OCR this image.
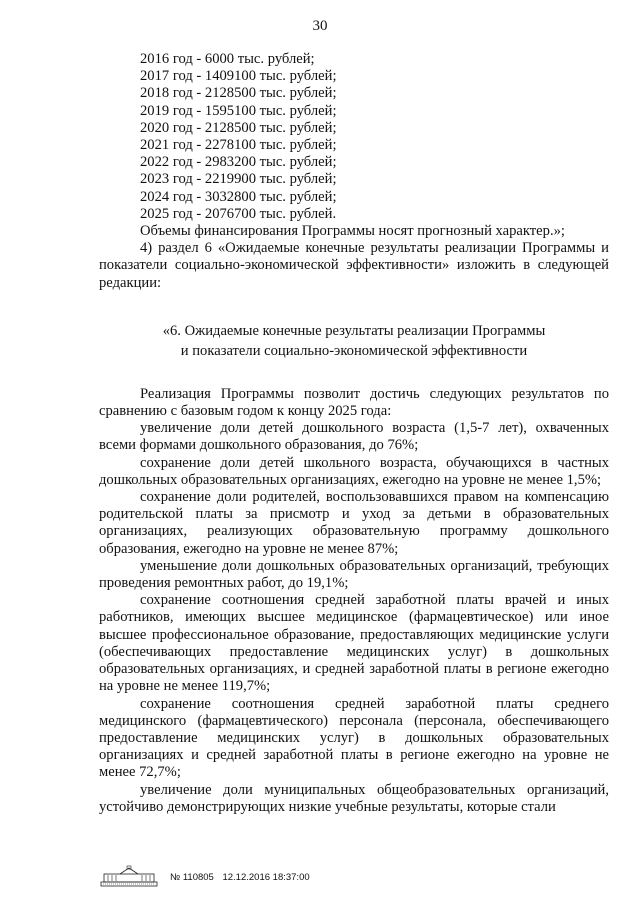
30

2016 год - 6000 тыс. рублей;

2017 год - 1409100 тыс. рублей;

2018 год - 2128500 тыс. рублей;

2019 год - 1595100 тыс. рублей;

2020 год - 2128500 тыс. рублей;

2021 год - 2278100 тыс. рублей;

2022 год - 2983200 тыс. рублей;

2023 год - 2219900 тыс. рублей;

2024 год - 3032800 тыс. рублей;

2025 год - 2076700 тыс. рублей.

Объемы финансирования Программы носят прогнозный характер.»;

4) раздел 6 «Ожидаемые конечные результаты реализации Программы и показатели социально-экономической эффективности» изложить в следующей редакции:

«6. Ожидаемые конечные результаты реализации Программы
и показатели социально-экономической эффективности

Реализация Программы позволит достичь следующих результатов по сравнению с базовым годом к концу 2025 года:

увеличение доли детей дошкольного возраста (1,5-7 лет), охваченных всеми формами дошкольного образования, до 76%;

сохранение доли детей школьного возраста, обучающихся в частных дошкольных образовательных организациях, ежегодно на уровне не менее 1,5%;

сохранение доли родителей, воспользовавшихся правом на компенсацию родительской платы за присмотр и уход за детьми в образовательных организациях, реализующих образовательную программу дошкольного образования, ежегодно на уровне не менее 87%;

уменьшение доли дошкольных образовательных организаций, требующих проведения ремонтных работ, до 19,1%;

сохранение соотношения средней заработной платы врачей и иных работников, имеющих высшее медицинское (фармацевтическое) или иное высшее профессиональное образование, предоставляющих медицинские услуги (обеспечивающих предоставление медицинских услуг) в дошкольных образовательных организациях, и средней заработной платы в регионе ежегодно на уровне не менее 119,7%;

сохранение соотношения средней заработной платы среднего медицинского (фармацевтического) персонала (персонала, обеспечивающего предоставление медицинских услуг) в дошкольных образовательных организациях и средней заработной платы в регионе ежегодно на уровне не менее 72,7%;

увеличение доли муниципальных общеобразовательных организаций, устойчиво демонстрирующих низкие учебные результаты, которые стали

№ 110805 12.12.2016 18:37:00
